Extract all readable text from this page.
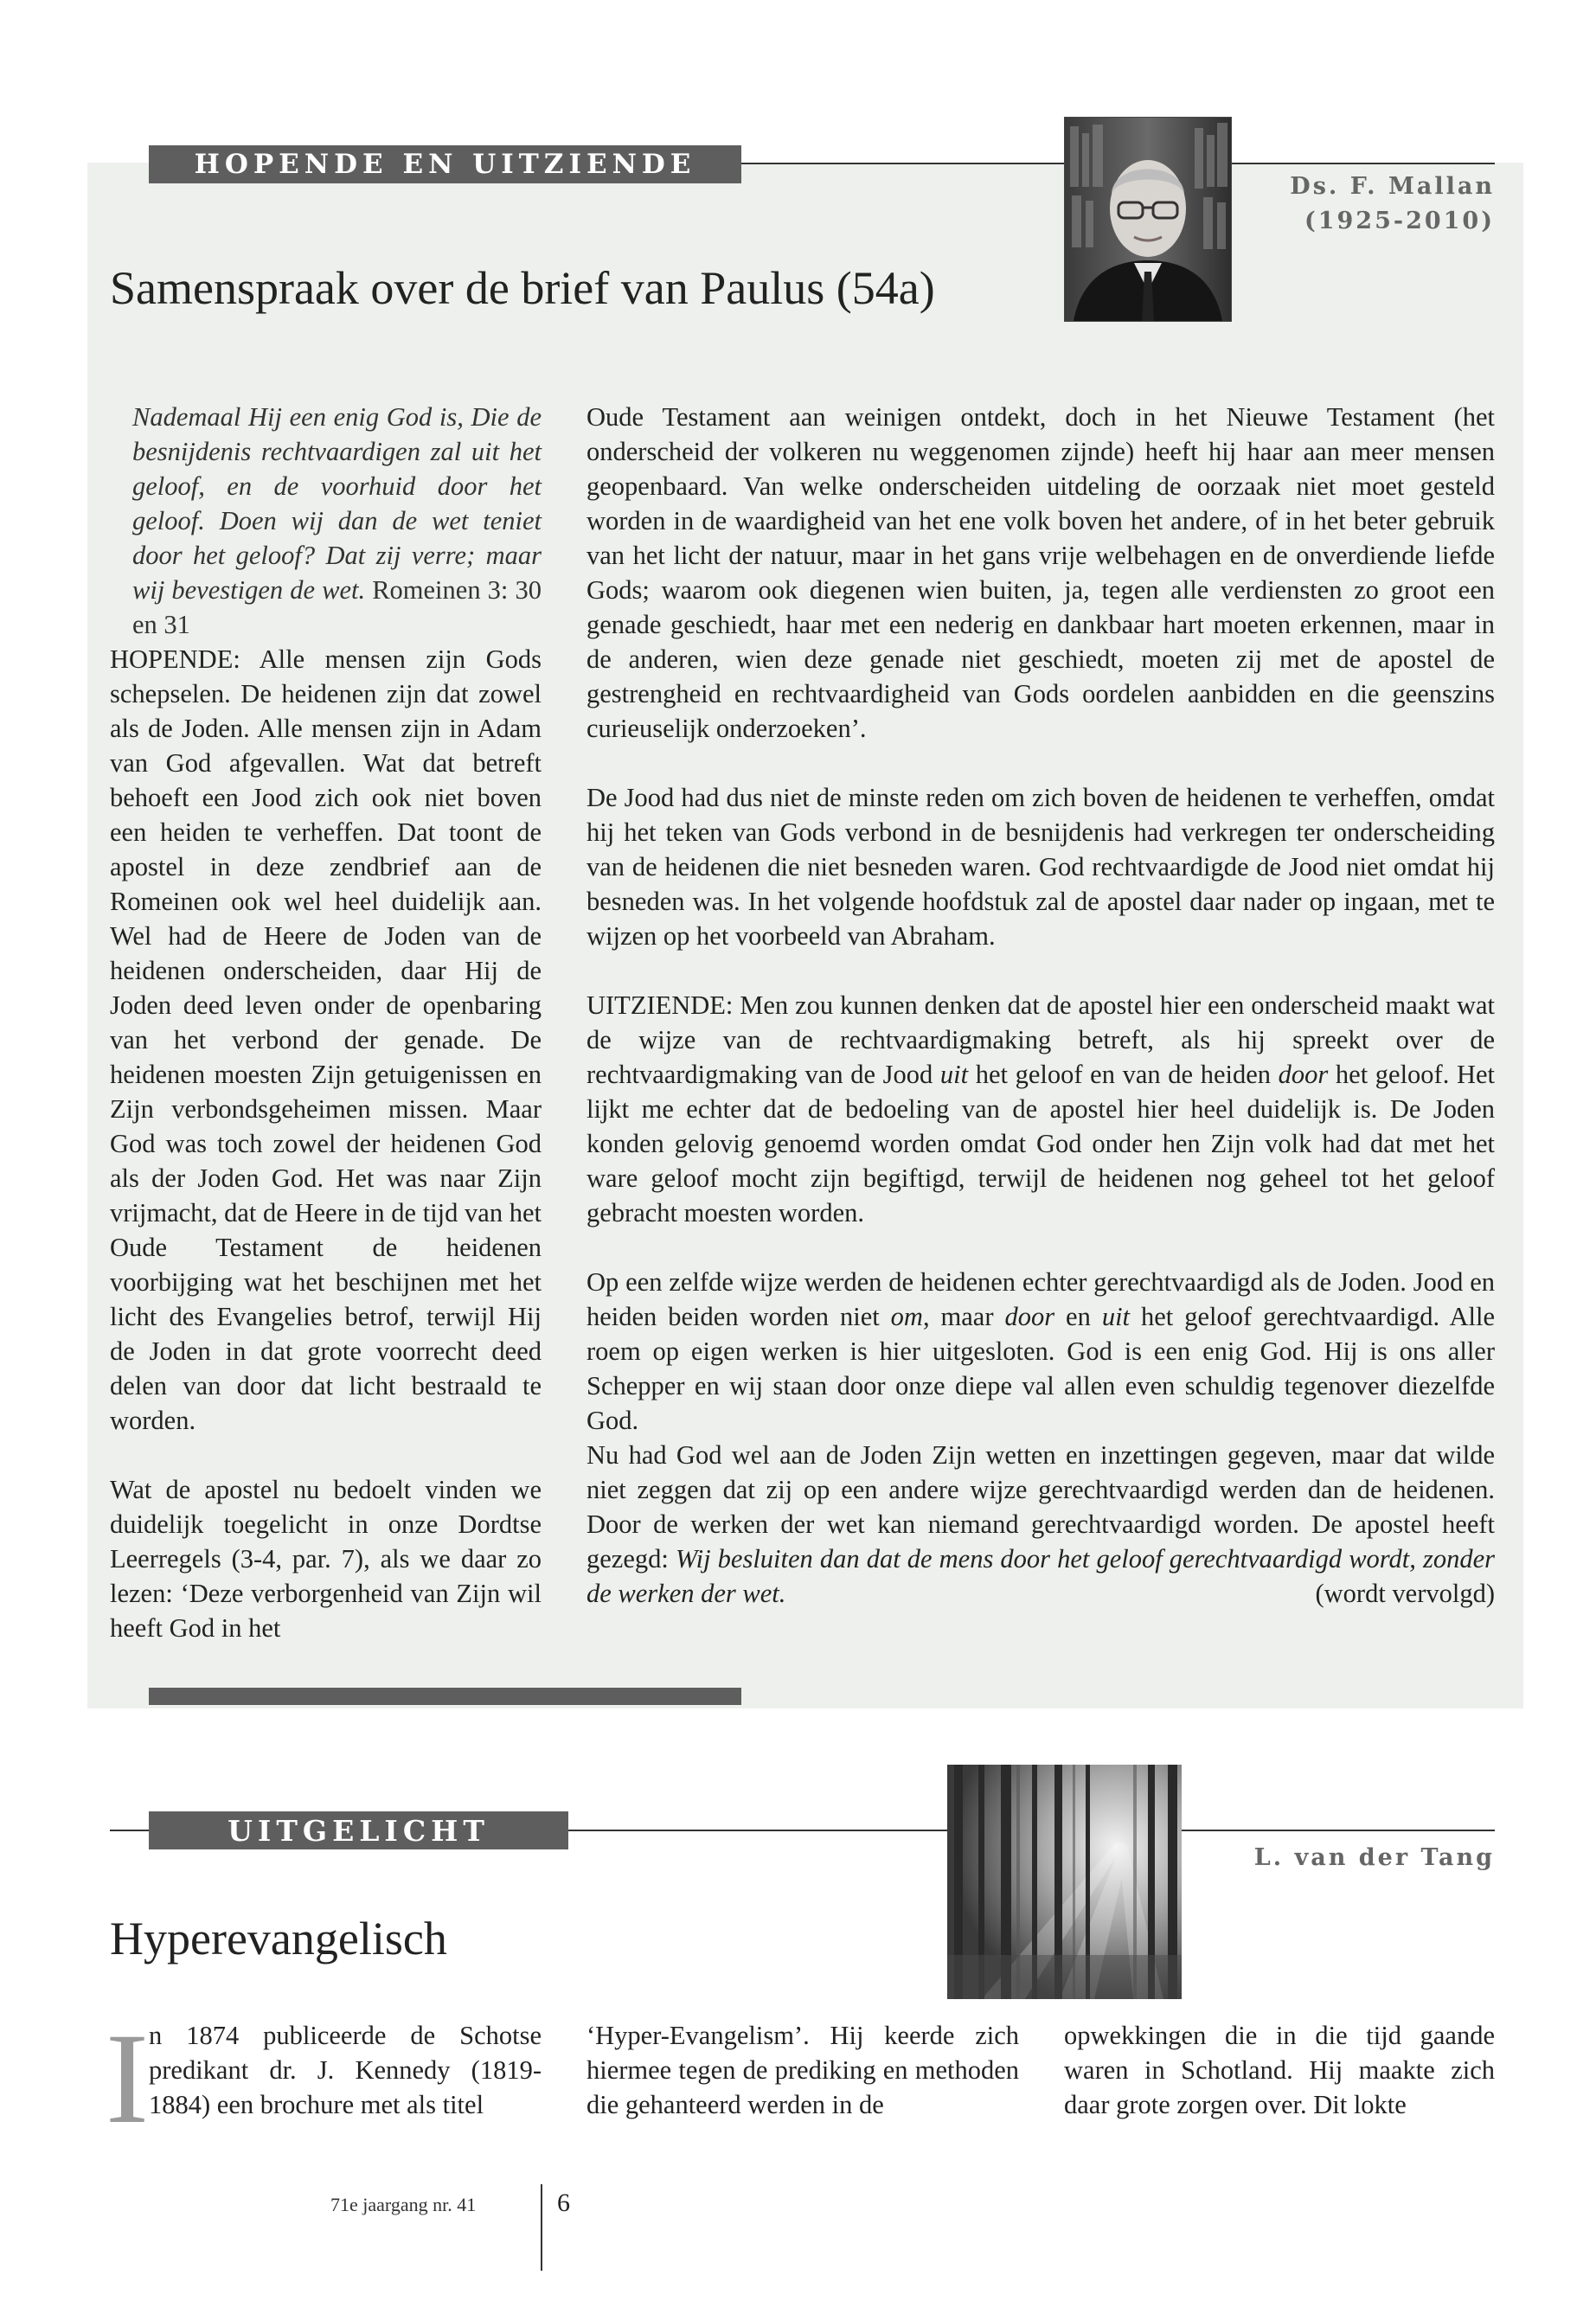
HOPENDE EN UITZIENDE
Ds. F. Mallan
(1925-2010)
Samenspraak over de brief van Paulus (54a)
Nademaal Hij een enig God is, Die de besnijdenis rechtvaardigen zal uit het geloof, en de voorhuid door het geloof. Doen wij dan de wet teniet door het geloof? Dat zij verre; maar wij bevestigen de wet. Romeinen 3: 30 en 31

HOPENDE: Alle mensen zijn Gods schepselen. De heidenen zijn dat zowel als de Joden. Alle mensen zijn in Adam van God afgevallen. Wat dat betreft behoeft een Jood zich ook niet boven een heiden te verheffen. Dat toont de apostel in deze zendbrief aan de Romeinen ook wel heel duidelijk aan. Wel had de Heere de Joden van de heidenen onderscheiden, daar Hij de Joden deed leven onder de openbaring van het verbond der genade. De heidenen moesten Zijn getuigenissen en Zijn verbondsgeheimen missen. Maar God was toch zowel der heidenen God als der Joden God. Het was naar Zijn vrijmacht, dat de Heere in de tijd van het Oude Testament de heidenen voorbijging wat het beschijnen met het licht des Evangelies betrof, terwijl Hij de Joden in dat grote voorrecht deed delen van door dat licht bestraald te worden.

Wat de apostel nu bedoelt vinden we duidelijk toegelicht in onze Dordtse Leerregels (3-4, par. 7), als we daar zo lezen: ‘Deze verborgenheid van Zijn wil heeft God in het

Oude Testament aan weinigen ontdekt, doch in het Nieuwe Testament (het onderscheid der volkeren nu weggenomen zijnde) heeft hij haar aan meer mensen geopenbaard. Van welke onderscheiden uitdeling de oorzaak niet moet gesteld worden in de waardigheid van het ene volk boven het andere, of in het beter gebruik van het licht der natuur, maar in het gans vrije welbehagen en de onverdiende liefde Gods; waarom ook diegenen wien buiten, ja, tegen alle verdiensten zo groot een genade geschiedt, haar met een nederig en dankbaar hart moeten erkennen, maar in de anderen, wien deze genade niet geschiedt, moeten zij met de apostel de gestrengheid en rechtvaardigheid van Gods oordelen aanbidden en die geenszins curieuselijk onderzoeken’.

De Jood had dus niet de minste reden om zich boven de heidenen te verheffen, omdat hij het teken van Gods verbond in de besnijdenis had verkregen ter onderscheiding van de heidenen die niet besneden waren. God rechtvaardigde de Jood niet omdat hij besneden was. In het volgende hoofdstuk zal de apostel daar nader op ingaan, met te wijzen op het voorbeeld van Abraham.

UITZIENDE: Men zou kunnen denken dat de apostel hier een onderscheid maakt wat de wijze van de rechtvaardigmaking betreft, als hij spreekt over de rechtvaardigmaking van de Jood uit het geloof en van de heiden door het geloof. Het lijkt me echter dat de bedoeling van de apostel hier heel duidelijk is. De Joden konden gelovig genoemd worden omdat God onder hen Zijn volk had dat met het ware geloof mocht zijn begiftigd, terwijl de heidenen nog geheel tot het geloof gebracht moesten worden.

Op een zelfde wijze werden de heidenen echter gerechtvaardigd als de Joden. Jood en heiden beiden worden niet om, maar door en uit het geloof gerechtvaardigd. Alle roem op eigen werken is hier uitgesloten. God is een enig God. Hij is ons aller Schepper en wij staan door onze diepe val allen even schuldig tegenover diezelfde God.

Nu had God wel aan de Joden Zijn wetten en inzettingen gegeven, maar dat wilde niet zeggen dat zij op een andere wijze gerechtvaardigd werden dan de heidenen. Door de werken der wet kan niemand gerechtvaardigd worden. De apostel heeft gezegd: Wij besluiten dan dat de mens door het geloof gerechtvaardigd wordt, zonder de werken der wet.	(wordt vervolgd)

UITGELICHT
L. van der Tang
Hyperevangelisch
I n 1874 publiceerde de Schotse predikant dr. J. Kennedy (1819-1884) een brochure met als titel

‘Hyper-Evangelism’. Hij keerde zich hiermee tegen de prediking en methoden die gehanteerd werden in de

opwekkingen die in die tijd gaande waren in Schotland. Hij maakte zich daar grote zorgen over. Dit lokte

71e jaargang nr. 41	6
